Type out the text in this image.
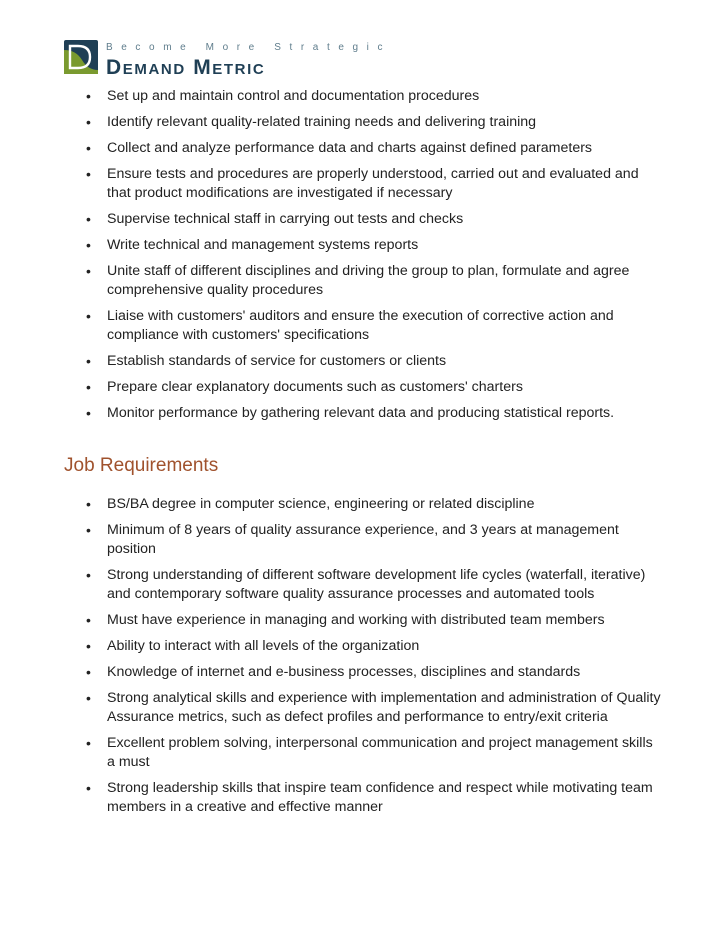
Become More Strategic
Demand Metric
• Set up and maintain control and documentation procedures
• Identify relevant quality-related training needs and delivering training
• Collect and analyze performance data and charts against defined parameters
• Ensure tests and procedures are properly understood, carried out and evaluated and that product modifications are investigated if necessary
• Supervise technical staff in carrying out tests and checks
• Write technical and management systems reports
• Unite staff of different disciplines and driving the group to plan, formulate and agree comprehensive quality procedures
• Liaise with customers' auditors and ensure the execution of corrective action and compliance with customers' specifications
• Establish standards of service for customers or clients
• Prepare clear explanatory documents such as customers' charters
• Monitor performance by gathering relevant data and producing statistical reports.
Job Requirements
• BS/BA degree in computer science, engineering or related discipline
• Minimum of 8 years of quality assurance experience, and 3 years at management position
• Strong understanding of different software development life cycles (waterfall, iterative) and contemporary software quality assurance processes and automated tools
• Must have experience in managing and working with distributed team members
• Ability to interact with all levels of the organization
• Knowledge of internet and e-business processes, disciplines and standards
• Strong analytical skills and experience with implementation and administration of Quality Assurance metrics, such as defect profiles and performance to entry/exit criteria
• Excellent problem solving, interpersonal communication and project management skills a must
• Strong leadership skills that inspire team confidence and respect while motivating team members in a creative and effective manner
